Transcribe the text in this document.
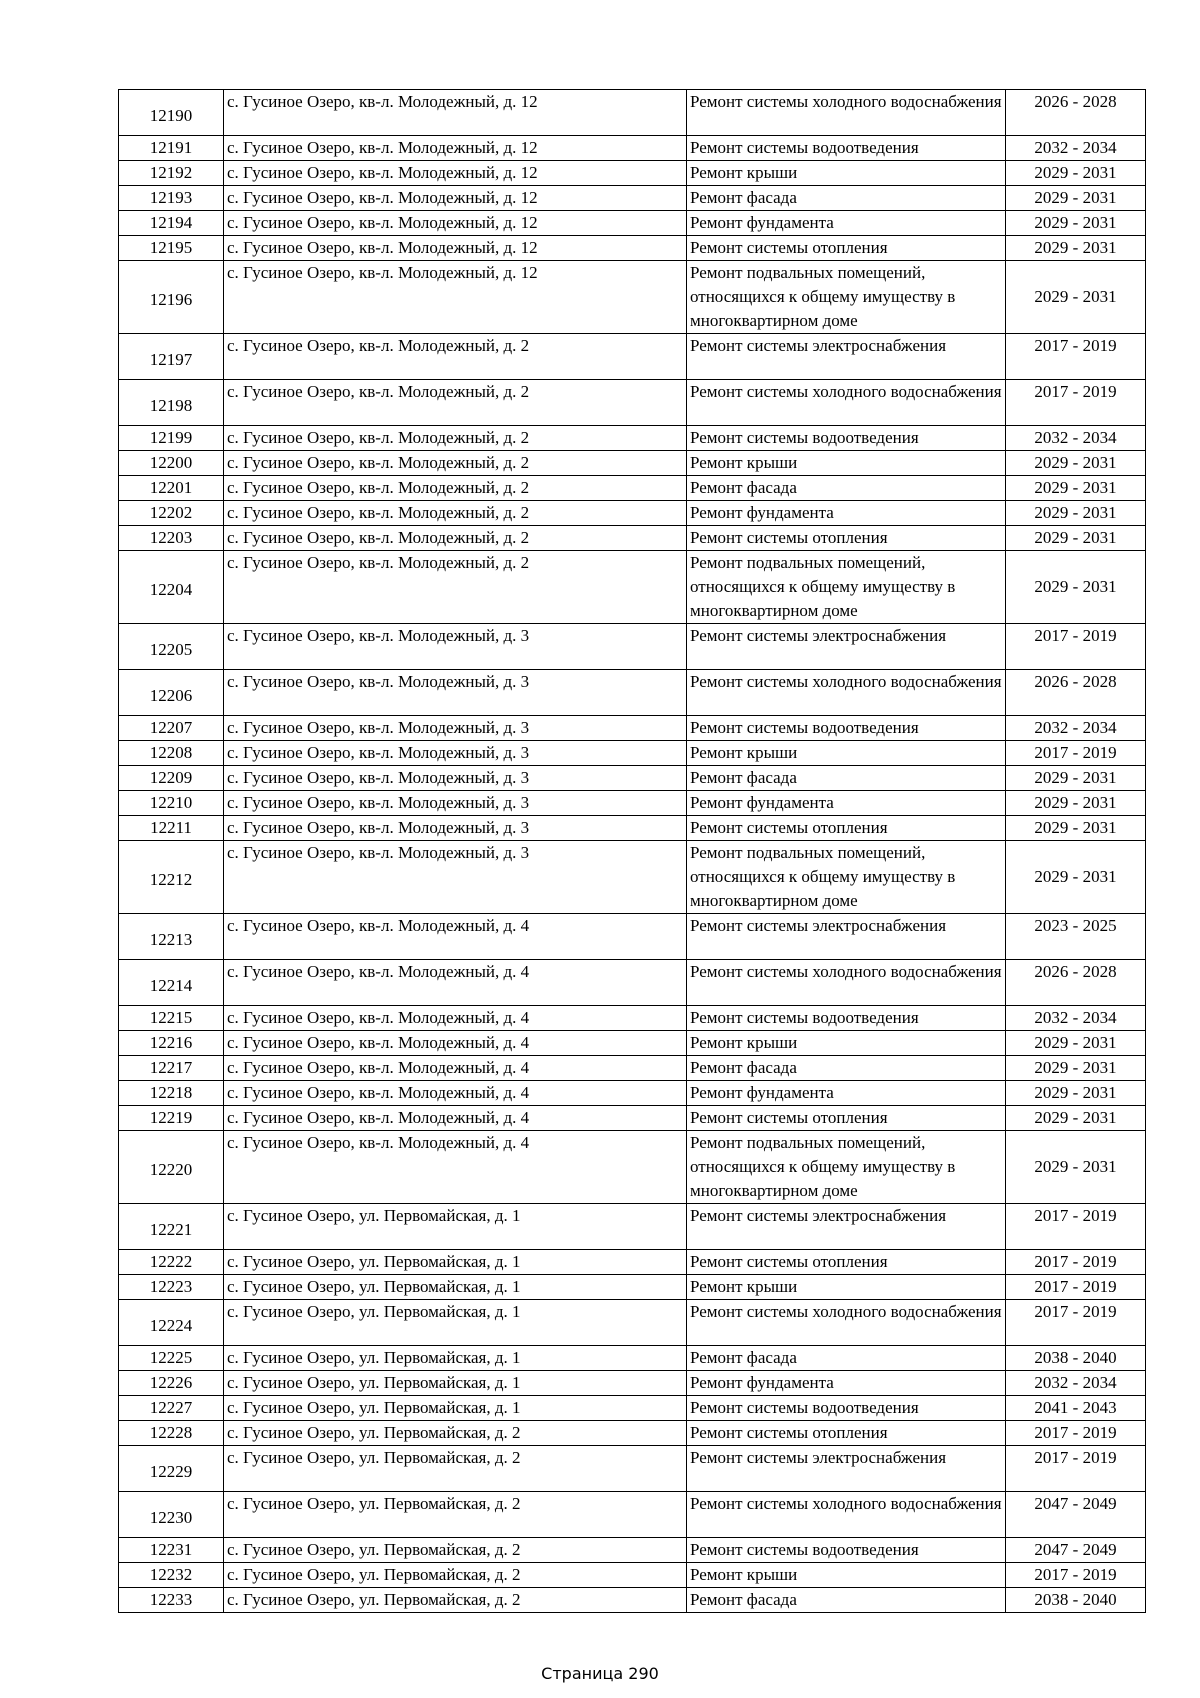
12190	с. Гусиное Озеро, кв-л. Молодежный, д. 12	Ремонт системы холодного водоснабжения	2026 - 2028
12191	с. Гусиное Озеро, кв-л. Молодежный, д. 12	Ремонт системы водоотведения	2032 - 2034
12192	с. Гусиное Озеро, кв-л. Молодежный, д. 12	Ремонт крыши	2029 - 2031
12193	с. Гусиное Озеро, кв-л. Молодежный, д. 12	Ремонт фасада	2029 - 2031
12194	с. Гусиное Озеро, кв-л. Молодежный, д. 12	Ремонт фундамента	2029 - 2031
12195	с. Гусиное Озеро, кв-л. Молодежный, д. 12	Ремонт системы отопления	2029 - 2031
12196	с. Гусиное Озеро, кв-л. Молодежный, д. 12	Ремонт подвальных помещений, относящихся к общему имуществу в многоквартирном доме	2029 - 2031
12197	с. Гусиное Озеро, кв-л. Молодежный, д. 2	Ремонт системы электроснабжения	2017 - 2019
12198	с. Гусиное Озеро, кв-л. Молодежный, д. 2	Ремонт системы холодного водоснабжения	2017 - 2019
12199	с. Гусиное Озеро, кв-л. Молодежный, д. 2	Ремонт системы водоотведения	2032 - 2034
12200	с. Гусиное Озеро, кв-л. Молодежный, д. 2	Ремонт крыши	2029 - 2031
12201	с. Гусиное Озеро, кв-л. Молодежный, д. 2	Ремонт фасада	2029 - 2031
12202	с. Гусиное Озеро, кв-л. Молодежный, д. 2	Ремонт фундамента	2029 - 2031
12203	с. Гусиное Озеро, кв-л. Молодежный, д. 2	Ремонт системы отопления	2029 - 2031
12204	с. Гусиное Озеро, кв-л. Молодежный, д. 2	Ремонт подвальных помещений, относящихся к общему имуществу в многоквартирном доме	2029 - 2031
12205	с. Гусиное Озеро, кв-л. Молодежный, д. 3	Ремонт системы электроснабжения	2017 - 2019
12206	с. Гусиное Озеро, кв-л. Молодежный, д. 3	Ремонт системы холодного водоснабжения	2026 - 2028
12207	с. Гусиное Озеро, кв-л. Молодежный, д. 3	Ремонт системы водоотведения	2032 - 2034
12208	с. Гусиное Озеро, кв-л. Молодежный, д. 3	Ремонт крыши	2017 - 2019
12209	с. Гусиное Озеро, кв-л. Молодежный, д. 3	Ремонт фасада	2029 - 2031
12210	с. Гусиное Озеро, кв-л. Молодежный, д. 3	Ремонт фундамента	2029 - 2031
12211	с. Гусиное Озеро, кв-л. Молодежный, д. 3	Ремонт системы отопления	2029 - 2031
12212	с. Гусиное Озеро, кв-л. Молодежный, д. 3	Ремонт подвальных помещений, относящихся к общему имуществу в многоквартирном доме	2029 - 2031
12213	с. Гусиное Озеро, кв-л. Молодежный, д. 4	Ремонт системы электроснабжения	2023 - 2025
12214	с. Гусиное Озеро, кв-л. Молодежный, д. 4	Ремонт системы холодного водоснабжения	2026 - 2028
12215	с. Гусиное Озеро, кв-л. Молодежный, д. 4	Ремонт системы водоотведения	2032 - 2034
12216	с. Гусиное Озеро, кв-л. Молодежный, д. 4	Ремонт крыши	2029 - 2031
12217	с. Гусиное Озеро, кв-л. Молодежный, д. 4	Ремонт фасада	2029 - 2031
12218	с. Гусиное Озеро, кв-л. Молодежный, д. 4	Ремонт фундамента	2029 - 2031
12219	с. Гусиное Озеро, кв-л. Молодежный, д. 4	Ремонт системы отопления	2029 - 2031
12220	с. Гусиное Озеро, кв-л. Молодежный, д. 4	Ремонт подвальных помещений, относящихся к общему имуществу в многоквартирном доме	2029 - 2031
12221	с. Гусиное Озеро, ул. Первомайская, д. 1	Ремонт системы электроснабжения	2017 - 2019
12222	с. Гусиное Озеро, ул. Первомайская, д. 1	Ремонт системы отопления	2017 - 2019
12223	с. Гусиное Озеро, ул. Первомайская, д. 1	Ремонт крыши	2017 - 2019
12224	с. Гусиное Озеро, ул. Первомайская, д. 1	Ремонт системы холодного водоснабжения	2017 - 2019
12225	с. Гусиное Озеро, ул. Первомайская, д. 1	Ремонт фасада	2038 - 2040
12226	с. Гусиное Озеро, ул. Первомайская, д. 1	Ремонт фундамента	2032 - 2034
12227	с. Гусиное Озеро, ул. Первомайская, д. 1	Ремонт системы водоотведения	2041 - 2043
12228	с. Гусиное Озеро, ул. Первомайская, д. 2	Ремонт системы отопления	2017 - 2019
12229	с. Гусиное Озеро, ул. Первомайская, д. 2	Ремонт системы электроснабжения	2017 - 2019
12230	с. Гусиное Озеро, ул. Первомайская, д. 2	Ремонт системы холодного водоснабжения	2047 - 2049
12231	с. Гусиное Озеро, ул. Первомайская, д. 2	Ремонт системы водоотведения	2047 - 2049
12232	с. Гусиное Озеро, ул. Первомайская, д. 2	Ремонт крыши	2017 - 2019
12233	с. Гусиное Озеро, ул. Первомайская, д. 2	Ремонт фасада	2038 - 2040
Страница 290
